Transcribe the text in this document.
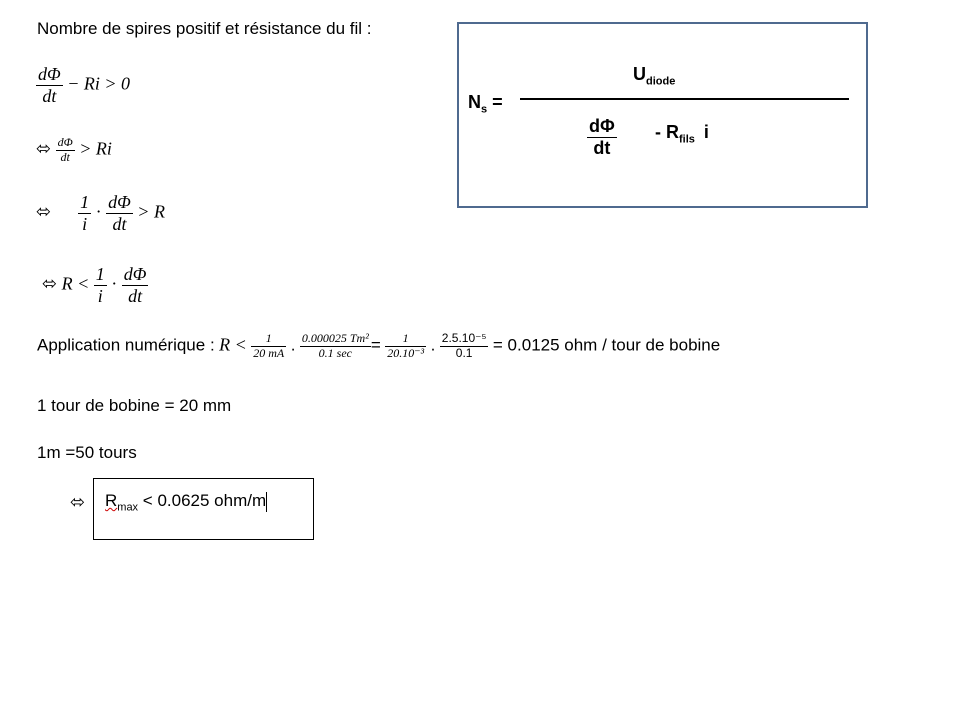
Nombre de spires positif et résistance du fil :
$\frac{d\Phi}{dt} - Ri > 0$
⬄ $\frac{d\Phi}{dt} > Ri$
⬄ $\frac{1}{i} \cdot \frac{d\Phi}{dt} > R$
⬄ $R < \frac{1}{i} \cdot \frac{d\Phi}{dt}$
Application numérique : $R < \frac{1}{20 mA}$ . $\frac{\text{0.000025 Tm²}}{0.1 \sec} = \frac{1}{\text{20.10⁻³}}$ . $\frac{\text{2.5.10⁻⁵}}{0.1} = 0.0125$ ohm / tour de bobine
1 tour de bobine = 20 mm
1m =50 tours
⬄ $R_{max} < 0.0625$ ohm/m
$N_s$ =
$U_{diode}$
$\frac{d\Phi}{dt} - R_{fils}$ i
